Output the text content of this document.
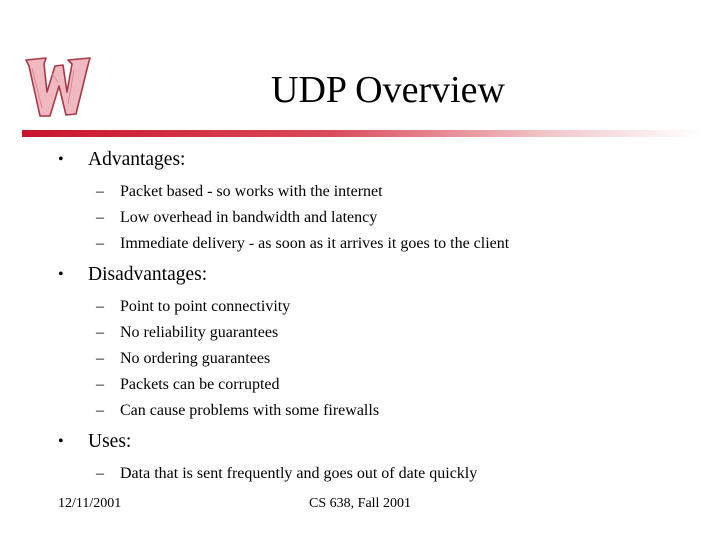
UDP Overview
•	Advantages:
– Packet based - so works with the internet
– Low overhead in bandwidth and latency
– Immediate delivery - as soon as it arrives it goes to the client
•	Disadvantages:
– Point to point connectivity
– No reliability guarantees
– No ordering guarantees
– Packets can be corrupted
– Can cause problems with some firewalls
•	Uses:
– Data that is sent frequently and goes out of date quickly
12/11/2001	CS 638, Fall 2001
